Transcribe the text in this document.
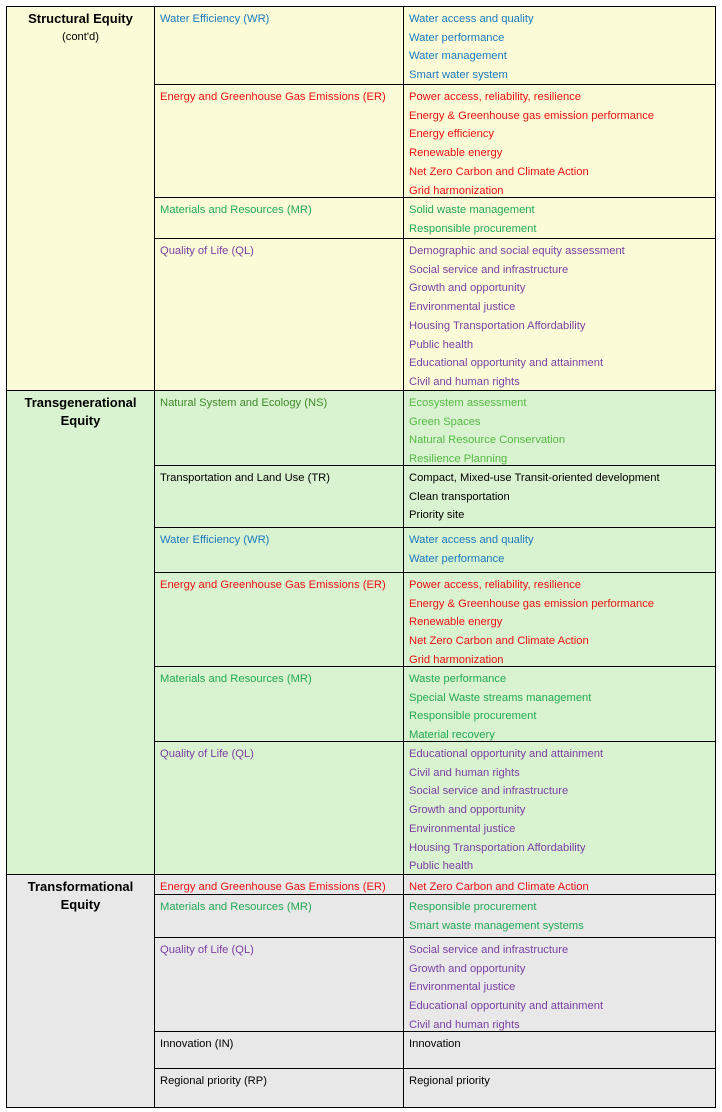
Structural Equity
(cont'd)
Water Efficiency (WR)	Water access and quality
Water performance
Water management
Smart water system
Energy and Greenhouse Gas Emissions (ER)	Power access, reliability, resilience
Energy & Greenhouse gas emission performance
Energy efficiency
Renewable energy
Net Zero Carbon and Climate Action
Grid harmonization
Materials and Resources (MR)	Solid waste management
Responsible procurement
Quality of Life (QL)	Demographic and social equity assessment
Social service and infrastructure
Growth and opportunity
Environmental justice
Housing Transportation Affordability
Public health
Educational opportunity and attainment
Civil and human rights
Transgenerational Equity
Natural System and Ecology (NS)	Ecosystem assessment
Green Spaces
Natural Resource Conservation
Resilience Planning
Transportation and Land Use (TR)	Compact, Mixed-use Transit-oriented development
Clean transportation
Priority site
Water Efficiency (WR)	Water access and quality
Water performance
Energy and Greenhouse Gas Emissions (ER)	Power access, reliability, resilience
Energy & Greenhouse gas emission performance
Renewable energy
Net Zero Carbon and Climate Action
Grid harmonization
Materials and Resources (MR)	Waste performance
Special Waste streams management
Responsible procurement
Material recovery
Quality of Life (QL)	Educational opportunity and attainment
Civil and human rights
Social service and infrastructure
Growth and opportunity
Environmental justice
Housing Transportation Affordability
Public health
Transformational Equity
Energy and Greenhouse Gas Emissions (ER)	Net Zero Carbon and Climate Action
Materials and Resources (MR)	Responsible procurement
Smart waste management systems
Quality of Life (QL)	Social service and infrastructure
Growth and opportunity
Environmental justice
Educational opportunity and attainment
Civil and human rights
Innovation (IN)	Innovation
Regional priority (RP)	Regional priority
